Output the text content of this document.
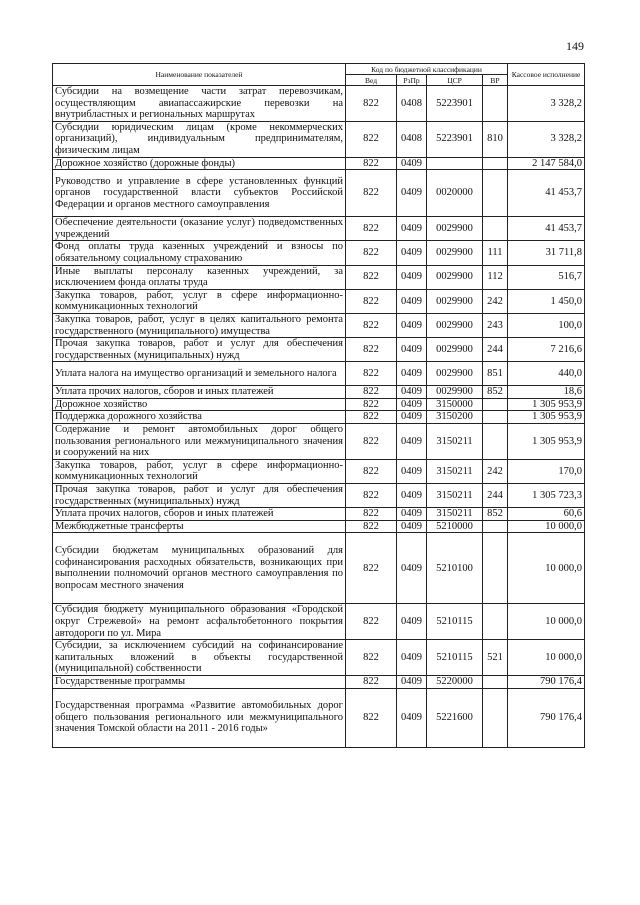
149
Наименование показателей	Код по бюджетной классификации				Кассовое исполнение
	Вед	РзПр	ЦСР	ВР	
Субсидии на возмещение части затрат перевозчикам, осуществляющим авиапассажирские перевозки на внутрибластных и региональных маршрутах	822	0408	5223901		3 328,2
Субсидии юридическим лицам (кроме некоммерческих организаций), индивидуальным предпринимателям, физическим лицам	822	0408	5223901	810	3 328,2
Дорожное хозяйство (дорожные фонды)	822	0409			2 147 584,0
Руководство и управление в сфере установленных функций органов государственной власти субъектов Российской Федерации и органов местного самоуправления	822	0409	0020000		41 453,7
Обеспечение деятельности (оказание услуг) подведомственных учреждений	822	0409	0029900		41 453,7
Фонд оплаты труда казенных учреждений и взносы по обязательному социальному страхованию	822	0409	0029900	111	31 711,8
Иные выплаты персоналу казенных учреждений, за исключением фонда оплаты труда	822	0409	0029900	112	516,7
Закупка товаров, работ, услуг в сфере информационно-коммуникационных технологий	822	0409	0029900	242	1 450,0
Закупка товаров, работ, услуг в целях капитального ремонта государственного (муниципального) имущества	822	0409	0029900	243	100,0
Прочая закупка товаров, работ и услуг для обеспечения государственных (муниципальных) нужд	822	0409	0029900	244	7 216,6
Уплата налога на имущество организаций и земельного налога	822	0409	0029900	851	440,0
Уплата прочих налогов, сборов и иных платежей	822	0409	0029900	852	18,6
Дорожное хозяйство	822	0409	3150000		1 305 953,9
Поддержка дорожного хозяйства	822	0409	3150200		1 305 953,9
Содержание и ремонт автомобильных дорог общего пользования регионального или межмуниципального значения и сооружений на них	822	0409	3150211		1 305 953,9
Закупка товаров, работ, услуг в сфере информационно-коммуникационных технологий	822	0409	3150211	242	170,0
Прочая закупка товаров, работ и услуг для обеспечения государственных (муниципальных) нужд	822	0409	3150211	244	1 305 723,3
Уплата прочих налогов, сборов и иных платежей	822	0409	3150211	852	60,6
Межбюджетные трансферты	822	0409	5210000		10 000,0
Субсидии бюджетам муниципальных образований для софинансирования расходных обязательств, возникающих при выполнении полномочий органов местного самоуправления по вопросам местного значения	822	0409	5210100		10 000,0
Субсидия бюджету муниципального образования «Городской округ Стрежевой» на ремонт асфальтобетонного покрытия автодороги по ул. Мира	822	0409	5210115		10 000,0
Субсидии, за исключением субсидий на софинансирование капитальных вложений в объекты государственной (муниципальной) собственности	822	0409	5210115	521	10 000,0
Государственные программы	822	0409	5220000		790 176,4
Государственная программа «Развитие автомобильных дорог общего пользования регионального или межмуниципального значения Томской области на 2011 - 2016 годы»	822	0409	5221600		790 176,4
